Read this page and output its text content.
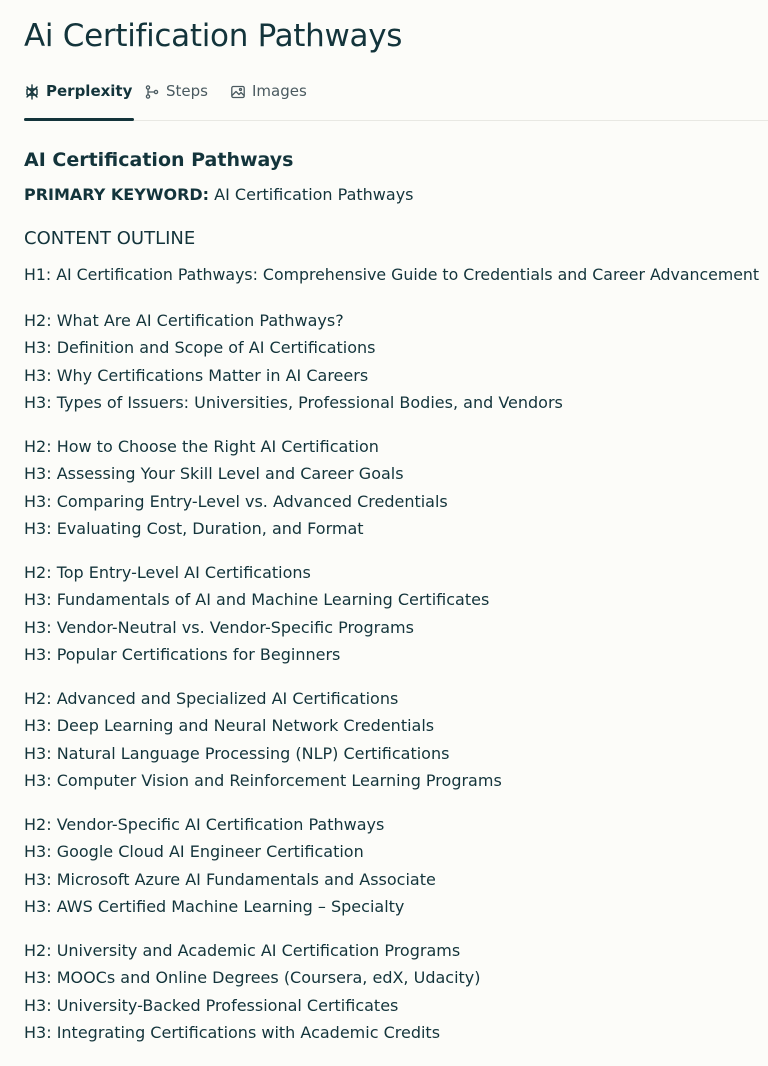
Ai Certification Pathways
Perplexity Steps	Images
AI Certification Pathways
PRIMARY KEYWORD: AI Certification Pathways
CONTENT OUTLINE
H1: AI Certification Pathways: Comprehensive Guide to Credentials and Career Advancement
H2: What Are AI Certification Pathways?
H3: Definition and Scope of AI Certifications
H3: Why Certifications Matter in AI Careers
H3: Types of Issuers: Universities, Professional Bodies, and Vendors
H2: How to Choose the Right AI Certification
H3: Assessing Your Skill Level and Career Goals
H3: Comparing Entry-Level vs. Advanced Credentials
H3: Evaluating Cost, Duration, and Format
H2: Top Entry-Level AI Certifications
H3: Fundamentals of AI and Machine Learning Certificates
H3: Vendor-Neutral vs. Vendor-Specific Programs
H3: Popular Certifications for Beginners
H2: Advanced and Specialized AI Certifications
H3: Deep Learning and Neural Network Credentials
H3: Natural Language Processing (NLP) Certifications
H3: Computer Vision and Reinforcement Learning Programs
H2: Vendor-Specific AI Certification Pathways
H3: Google Cloud AI Engineer Certification
H3: Microsoft Azure AI Fundamentals and Associate
H3: AWS Certified Machine Learning – Specialty
H2: University and Academic AI Certification Programs
H3: MOOCs and Online Degrees (Coursera, edX, Udacity)
H3: University-Backed Professional Certificates
H3: Integrating Certifications with Academic Credits
